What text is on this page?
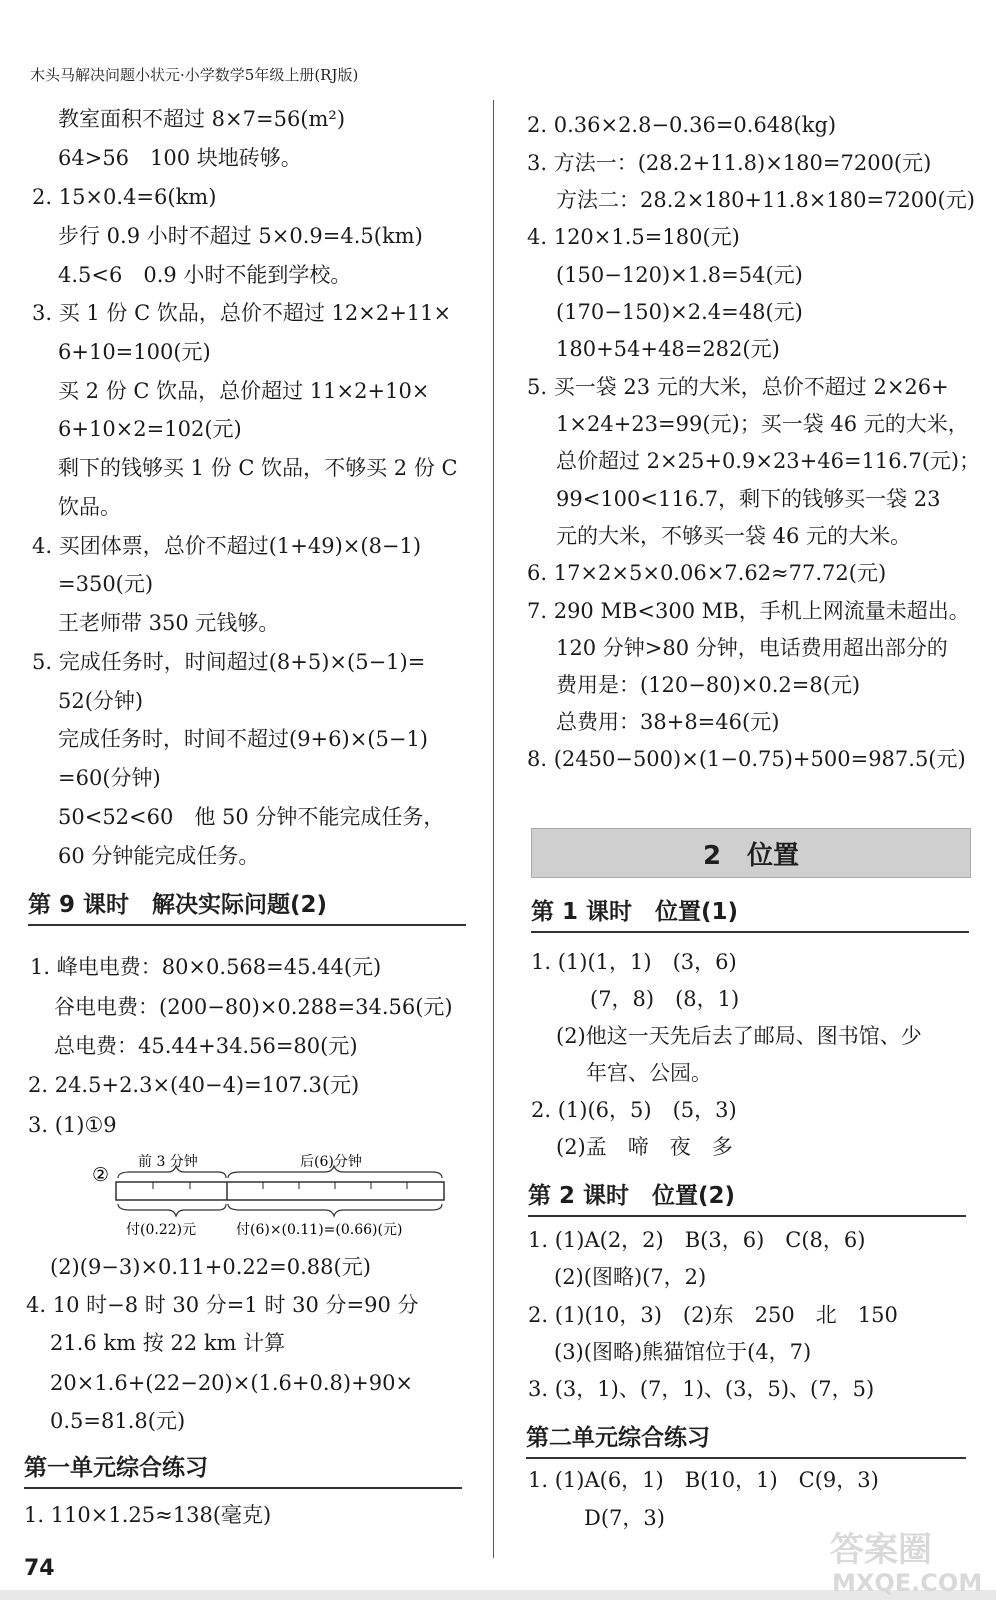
木头马解决问题小状元·小学数学5年级上册(RJ版)
教室面积不超过 8×7=56(m²)
64>56　100 块地砖够。
2. 15×0.4=6(km)
步行 0.9 小时不超过 5×0.9=4.5(km)
4.5<6　0.9 小时不能到学校。
3. 买 1 份 C 饮品，总价不超过 12×2+11×
6+10=100(元)
买 2 份 C 饮品，总价超过 11×2+10×
6+10×2=102(元)
剩下的钱够买 1 份 C 饮品，不够买 2 份 C
饮品。
4. 买团体票，总价不超过(1+49)×(8−1)
=350(元)
王老师带 350 元钱够。
5. 完成任务时，时间超过(8+5)×(5−1)=
52(分钟)
完成任务时，时间不超过(9+6)×(5−1)
=60(分钟)
50<52<60　他 50 分钟不能完成任务，
60 分钟能完成任务。
第 9 课时　解决实际问题(2)
1. 峰电电费：80×0.568=45.44(元)
谷电电费：(200−80)×0.288=34.56(元)
总电费：45.44+34.56=80(元)
2. 24.5+2.3×(40−4)=107.3(元)
3. (1)①9
②
前 3 分钟	后(6)分钟
付(0.22)元	付(6)×(0.11)=(0.66)(元)
(2)(9−3)×0.11+0.22=0.88(元)
4. 10 时−8 时 30 分=1 时 30 分=90 分
21.6 km 按 22 km 计算
20×1.6+(22−20)×(1.6+0.8)+90×
0.5=81.8(元)
第一单元综合练习
1. 110×1.25≈138(毫克)
2. 0.36×2.8−0.36=0.648(kg)
3. 方法一：(28.2+11.8)×180=7200(元)
方法二：28.2×180+11.8×180=7200(元)
4. 120×1.5=180(元)
(150−120)×1.8=54(元)
(170−150)×2.4=48(元)
180+54+48=282(元)
5. 买一袋 23 元的大米，总价不超过 2×26+
1×24+23=99(元)；买一袋 46 元的大米，
总价超过 2×25+0.9×23+46=116.7(元)；
99<100<116.7，剩下的钱够买一袋 23
元的大米，不够买一袋 46 元的大米。
6. 17×2×5×0.06×7.62≈77.72(元)
7. 290 MB<300 MB，手机上网流量未超出。
120 分钟>80 分钟，电话费用超出部分的
费用是：(120−80)×0.2=8(元)
总费用：38+8=46(元)
8. (2450−500)×(1−0.75)+500=987.5(元)
2　位置
第 1 课时　位置(1)
1. (1)(1，1)　(3，6)
(7，8)　(8，1)
(2)他这一天先后去了邮局、图书馆、少
年宫、公园。
2. (1)(6，5)　(5，3)
(2)孟　啼　夜　多
第 2 课时　位置(2)
1. (1)A(2，2)　B(3，6)　C(8，6)
(2)(图略)(7，2)
2. (1)(10，3)　(2)东　250　北　150
(3)(图略)熊猫馆位于(4，7)
3. (3，1)、(7，1)、(3，5)、(7，5)
第二单元综合练习
1. (1)A(6，1)　B(10，1)　C(9，3)
D(7，3)
74	答案圈
MXQE.COM
